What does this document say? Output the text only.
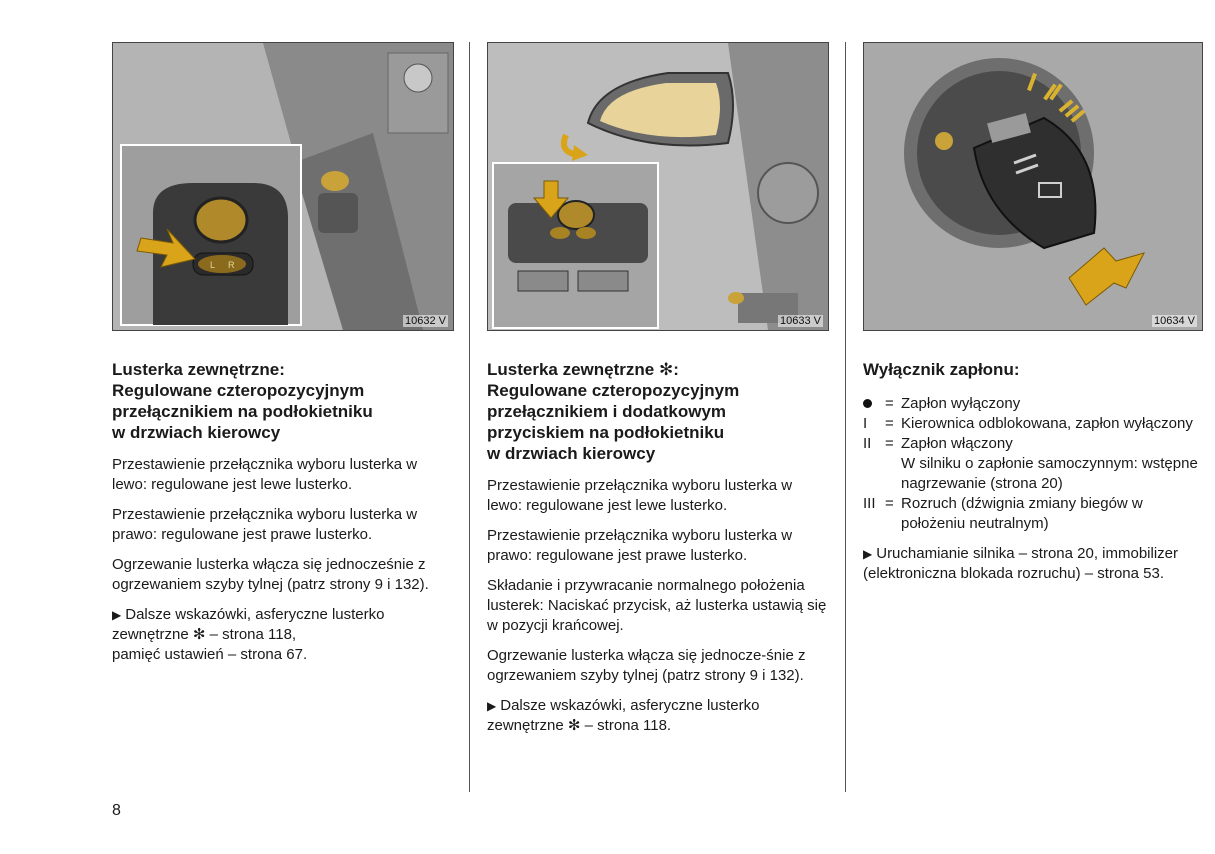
L R
10632 V
Lusterka zewnętrzne:
Regulowane czteropozycyjnym
przełącznikiem na podłokietniku
w drzwiach kierowcy

Przestawienie przełącznika wyboru lusterka w lewo: regulowane jest lewe lusterko.

Przestawienie przełącznika wyboru lusterka w prawo: regulowane jest prawe lusterko.

Ogrzewanie lusterka włącza się jednocześnie z ogrzewaniem szyby tylnej (patrz strony 9 i 132).

▶ Dalsze wskazówki, asferyczne lusterko zewnętrzne ✻ – strona 118,
pamięć ustawień – strona 67.

10633 V
Lusterka zewnętrzne ✻:
Regulowane czteropozycyjnym
przełącznikiem i dodatkowym
przyciskiem na podłokietniku
w drzwiach kierowcy

Przestawienie przełącznika wyboru lusterka w lewo: regulowane jest lewe lusterko.

Przestawienie przełącznika wyboru lusterka w prawo: regulowane jest prawe lusterko.

Składanie i przywracanie normalnego położenia lusterek: Naciskać przycisk, aż lusterka ustawią się w pozycji krańcowej.

Ogrzewanie lusterka włącza się jednocze-śnie z ogrzewaniem szyby tylnej (patrz strony 9 i 132).

▶ Dalsze wskazówki, asferyczne lusterko zewnętrzne ✻ – strona 118.

10634 V
Wyłącznik zapłonu:
= Zapłon wyłączony
I	= Kierownica odblokowana, zapłon wyłączony
II = Zapłon włączony
W silniku o zapłonie samoczynnym: wstępne nagrzewanie (strona 20)
III = Rozruch (dźwignia zmiany biegów w położeniu neutralnym)

▶ Uruchamianie silnika – strona 20, immobilizer (elektroniczna blokada rozruchu) – strona 53.

8
